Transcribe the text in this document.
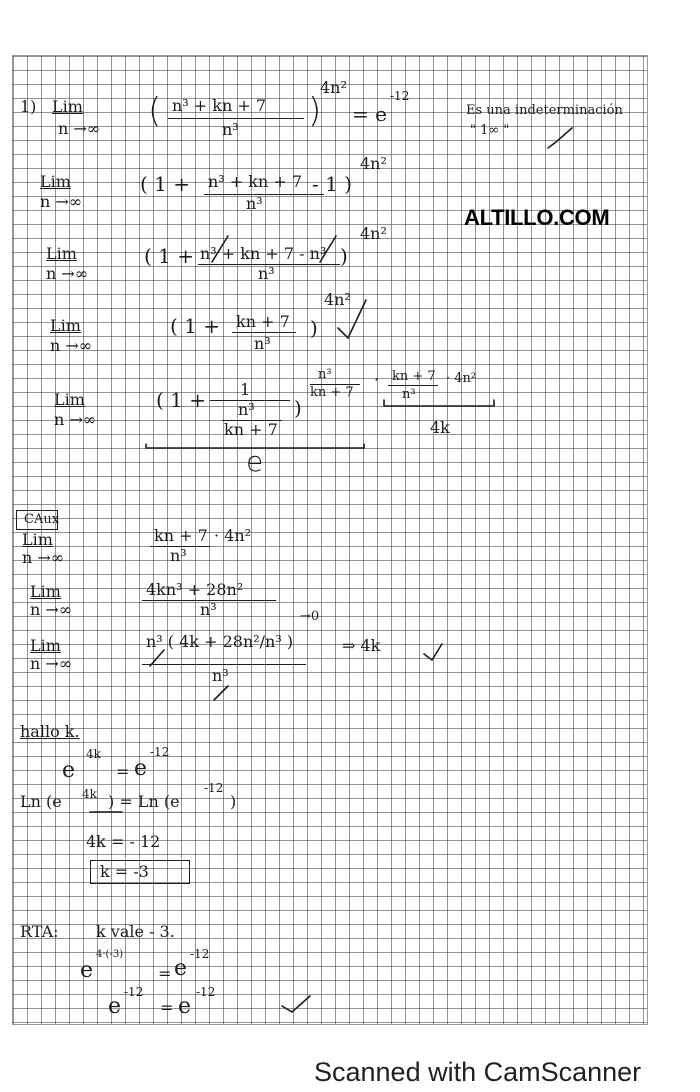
1) Lim
n →∞ ( n³ + kn + 7
n³ )
4n²
= e
-12
Es una indeterminación
" 1∞ "
Lim
n →∞
( 1 + n³ + kn + 7
n³
- 1 )
4n²
Lim
n →∞
( 1 + n³ + kn + 7 - n³
n³
)
4n²
Lim
n →∞
( 1 + kn + 7
n³
)
4n²
Lim
n →∞
( 1 + 1
n³
kn + 7
)
n³
kn + 7
· kn + 7
n³
· 4n²
4k
e
CAux
Lim
n →∞
kn + 7
n³
· 4n²
Lim
n →∞
4kn³ + 28n²
n³
Lim
n →∞
n³ ( 4k + 28n²/n³ )
n³
→0
⇒ 4k
hallo k.
e
4k
= e
-12
Ln (e 4k ) = Ln (e
-12
)
4k = - 12
k = -3
RTA: k vale - 3.
e
4·(-3)
= e
-12
e
-12
= e
-12
ALTILLO.COM
Scanned with CamScanner
